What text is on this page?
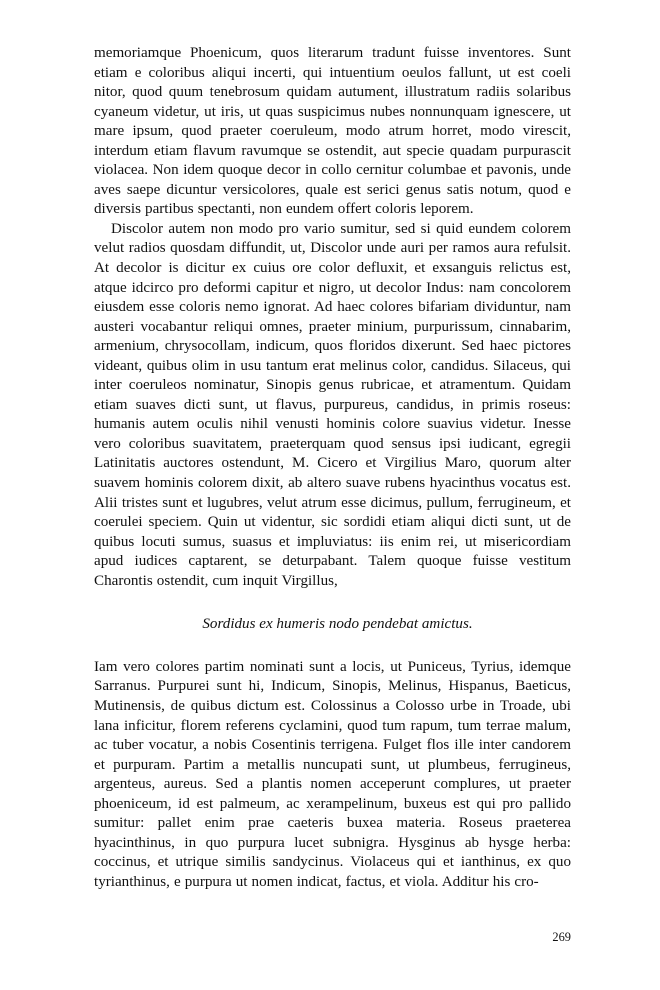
memoriamque Phoenicum, quos literarum tradunt fuisse inventores. Sunt etiam e coloribus aliqui incerti, qui intuentium oeulos fallunt, ut est coeli nitor, quod quum tenebrosum quidam autument, illustratum radiis solaribus cyaneum videtur, ut iris, ut quas suspicimus nubes nonnunquam ignescere, ut mare ipsum, quod praeter coeruleum, modo atrum horret, modo virescit, interdum etiam flavum ravumque se ostendit, aut specie quadam purpurascit violacea. Non idem quoque decor in collo cernitur columbae et pavonis, unde aves saepe dicuntur versicolores, quale est serici genus satis notum, quod e diversis partibus spectanti, non eundem offert coloris leporem.

Discolor autem non modo pro vario sumitur, sed si quid eundem colorem velut radios quosdam diffundit, ut, Discolor unde auri per ramos aura refulsit. At decolor is dicitur ex cuius ore color defluxit, et exsanguis relictus est, atque idcirco pro deformi capitur et nigro, ut decolor Indus: nam concolorem eiusdem esse coloris nemo ignorat. Ad haec colores bifariam dividuntur, nam austeri vocabantur reliqui omnes, praeter minium, purpurissum, cinnabarim, armenium, chrysocollam, indicum, quos floridos dixerunt. Sed haec pictores videant, quibus olim in usu tantum erat melinus color, candidus. Silaceus, qui inter coeruleos nominatur, Sinopis genus rubricae, et atramentum. Quidam etiam suaves dicti sunt, ut flavus, purpureus, candidus, in primis roseus: humanis autem oculis nihil venusti hominis colore suavius videtur. Inesse vero coloribus suavitatem, praeterquam quod sensus ipsi iudicant, egregii Latinitatis auctores ostendunt, M. Cicero et Virgilius Maro, quorum alter suavem hominis colorem dixit, ab altero suave rubens hyacinthus vocatus est. Alii tristes sunt et lugubres, velut atrum esse dicimus, pullum, ferrugineum, et coerulei speciem. Quin ut videntur, sic sordidi etiam aliqui dicti sunt, ut de quibus locuti sumus, suasus et impluviatus: iis enim rei, ut misericordiam apud iudices captarent, se deturpabant. Talem quoque fuisse vestitum Charontis ostendit, cum inquit Virgillus,

Sordidus ex humeris nodo pendebat amictus.

Iam vero colores partim nominati sunt a locis, ut Puniceus, Tyrius, idemque Sarranus. Purpurei sunt hi, Indicum, Sinopis, Melinus, Hispanus, Baeticus, Mutinensis, de quibus dictum est. Colossinus a Colosso urbe in Troade, ubi lana inficitur, florem referens cyclamini, quod tum rapum, tum terrae malum, ac tuber vocatur, a nobis Cosentinis terrigena. Fulget flos ille inter candorem et purpuram. Partim a metallis nuncupati sunt, ut plumbeus, ferrugineus, argenteus, aureus. Sed a plantis nomen acceperunt complures, ut praeter phoeniceum, id est palmeum, ac xerampelinum, buxeus est qui pro pallido sumitur: pallet enim prae caeteris buxea materia. Roseus praeterea hyacinthinus, in quo purpura lucet subnigra. Hysginus ab hysge herba: coccinus, et utrique similis sandycinus. Violaceus qui et ianthinus, ex quo tyrianthinus, e purpura ut nomen indicat, factus, et viola. Additur his cro-

269
